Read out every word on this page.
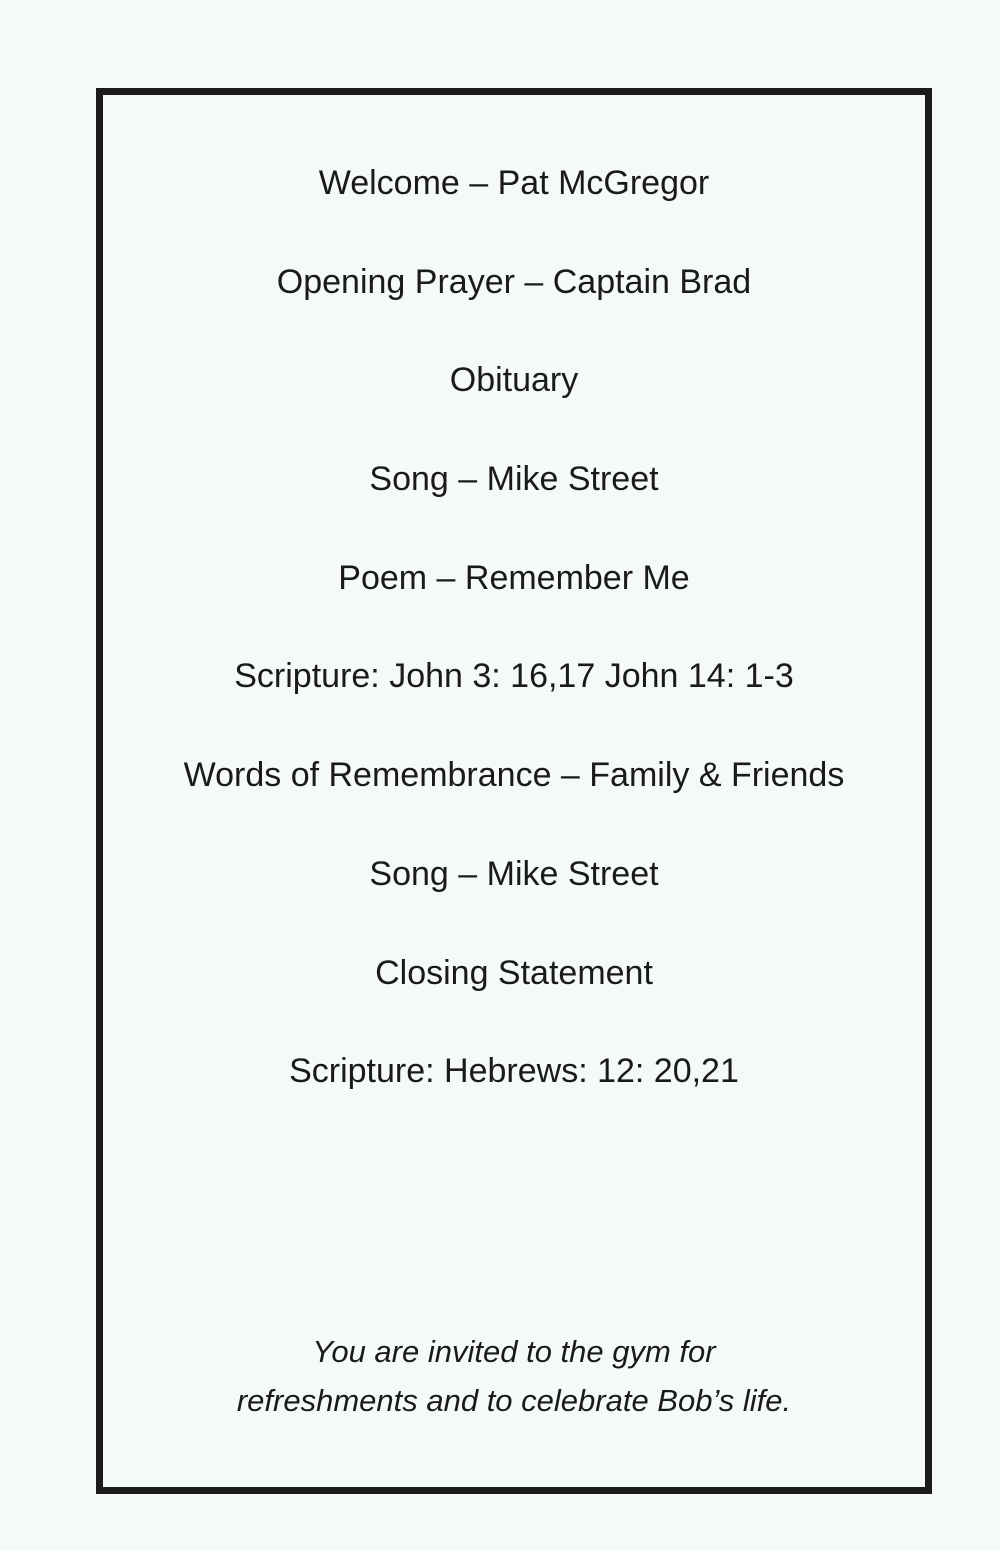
Welcome – Pat McGregor
Opening Prayer – Captain Brad
Obituary
Song – Mike Street
Poem – Remember Me
Scripture: John 3: 16,17 John 14: 1-3
Words of Remembrance – Family & Friends
Song – Mike Street
Closing Statement
Scripture: Hebrews: 12: 20,21
You are invited to the gym for
refreshments and to celebrate Bob’s life.
